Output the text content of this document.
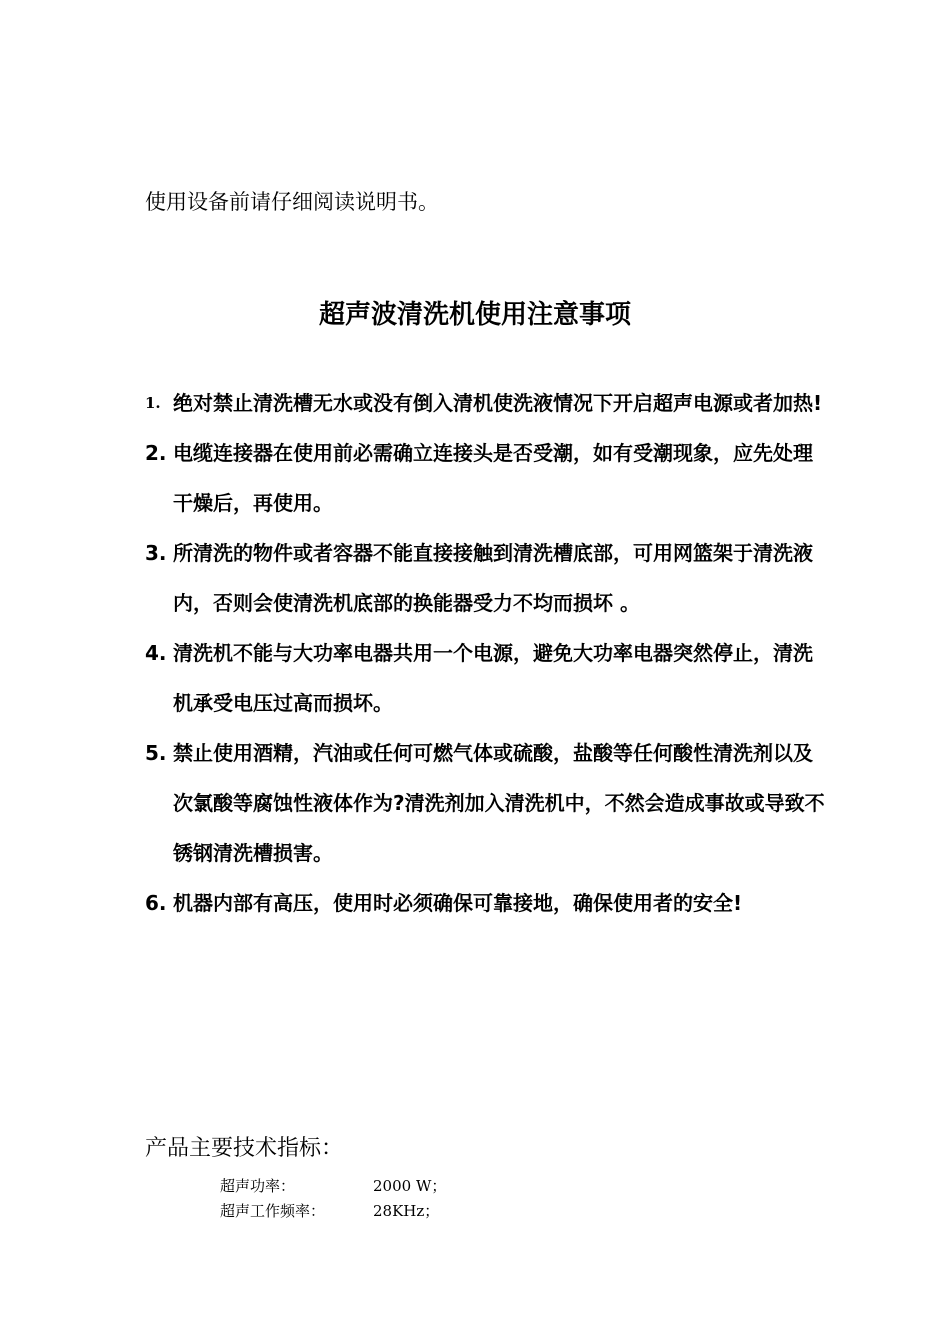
使用设备前请仔细阅读说明书。
超声波清洗机使用注意事项
1. 绝对禁止清洗槽无水或没有倒入清机使洗液情况下开启超声电源或者加热!
2. 电缆连接器在使用前必需确立连接头是否受潮，如有受潮现象，应先处理干燥后，再使用。
3. 所清洗的物件或者容器不能直接接触到清洗槽底部，可用网篮架于清洗液内，否则会使清洗机底部的换能器受力不均而损坏 。
4. 清洗机不能与大功率电器共用一个电源，避免大功率电器突然停止，清洗机承受电压过高而损坏。
5. 禁止使用酒精，汽油或任何可燃气体或硫酸，盐酸等任何酸性清洗剂以及次氯酸等腐蚀性液体作为?清洗剂加入清洗机中，不然会造成事故或导致不锈钢清洗槽损害。
6. 机器内部有高压，使用时必须确保可靠接地，确保使用者的安全!
产品主要技术指标：
超声功率：	2000 W；
超声工作频率：	28KHz；
